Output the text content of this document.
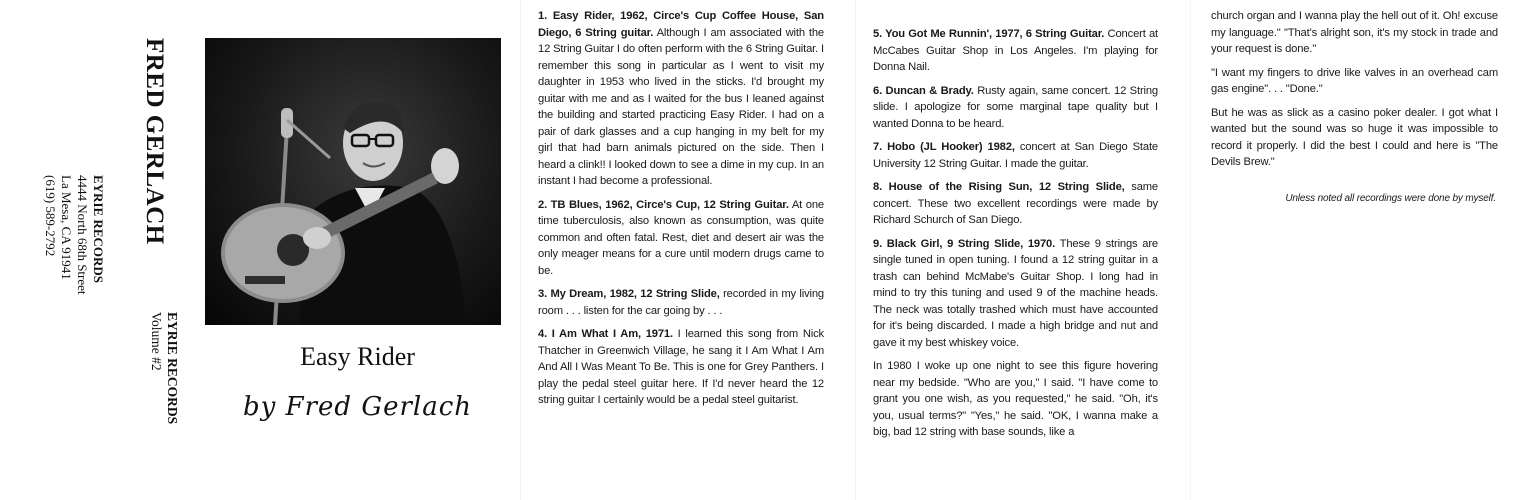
FRED GERLACH
EYRIE RECORDS
4444 North 68th Street
La Mesa, CA 91941
(619) 589-2792
EYRIE RECORDS
Volume #2	Easy Rider
by Fred Gerlach

1. Easy Rider, 1962, Circe's Cup Coffee House, San Diego, 6 String guitar. Although I am associated with the 12 String Guitar I do often perform with the 6 String Guitar. I remember this song in particular as I went to visit my daughter in 1953 who lived in the sticks. I'd brought my guitar with me and as I waited for the bus I leaned against the building and started practicing Easy Rider. I had on a pair of dark glasses and a cup hanging in my belt for my girl that had barn animals pictured on the side. Then I heard a clink!! I looked down to see a dime in my cup. In an instant I had become a professional.

2. TB Blues, 1962, Circe's Cup, 12 String Guitar. At one time tuberculosis, also known as consumption, was quite common and often fatal. Rest, diet and desert air was the only meager means for a cure until modern drugs came to be.

3. My Dream, 1982, 12 String Slide, recorded in my living room . . . listen for the car going by . . .

4. I Am What I Am, 1971. I learned this song from Nick Thatcher in Greenwich Village, he sang it I Am What I Am And All I Was Meant To Be. This is one for Grey Panthers. I play the pedal steel guitar here. If I'd never heard the 12 string guitar I certainly would be a pedal steel guitarist.

5. You Got Me Runnin', 1977, 6 String Guitar. Concert at McCabes Guitar Shop in Los Angeles. I'm playing for Donna Nail.

6. Duncan & Brady. Rusty again, same concert. 12 String slide. I apologize for some marginal tape quality but I wanted Donna to be heard.

7. Hobo (JL Hooker) 1982, concert at San Diego State University 12 String Guitar. I made the guitar.

8. House of the Rising Sun, 12 String Slide, same concert. These two excellent recordings were made by Richard Schurch of San Diego.

9. Black Girl, 9 String Slide, 1970. These 9 strings are single tuned in open tuning. I found a 12 string guitar in a trash can behind McMabe's Guitar Shop. I long had in mind to try this tuning and used 9 of the machine heads. The neck was totally trashed which must have accounted for it's being discarded. I made a high bridge and nut and gave it my best whiskey voice.

In 1980 I woke up one night to see this figure hovering near my bedside. "Who are you," I said. "I have come to grant you one wish, as you requested," he said. "Oh, it's you, usual terms?" "Yes," he said. "OK, I wanna make a big, bad 12 string with base sounds, like a

church organ and I wanna play the hell out of it. Oh! excuse my language." "That's alright son, it's my stock in trade and your request is done."

"I want my fingers to drive like valves in an overhead cam gas engine". . . "Done."

But he was as slick as a casino poker dealer. I got what I wanted but the sound was so huge it was impossible to record it properly. I did the best I could and here is "The Devils Brew."

Unless noted all recordings were done by myself.
